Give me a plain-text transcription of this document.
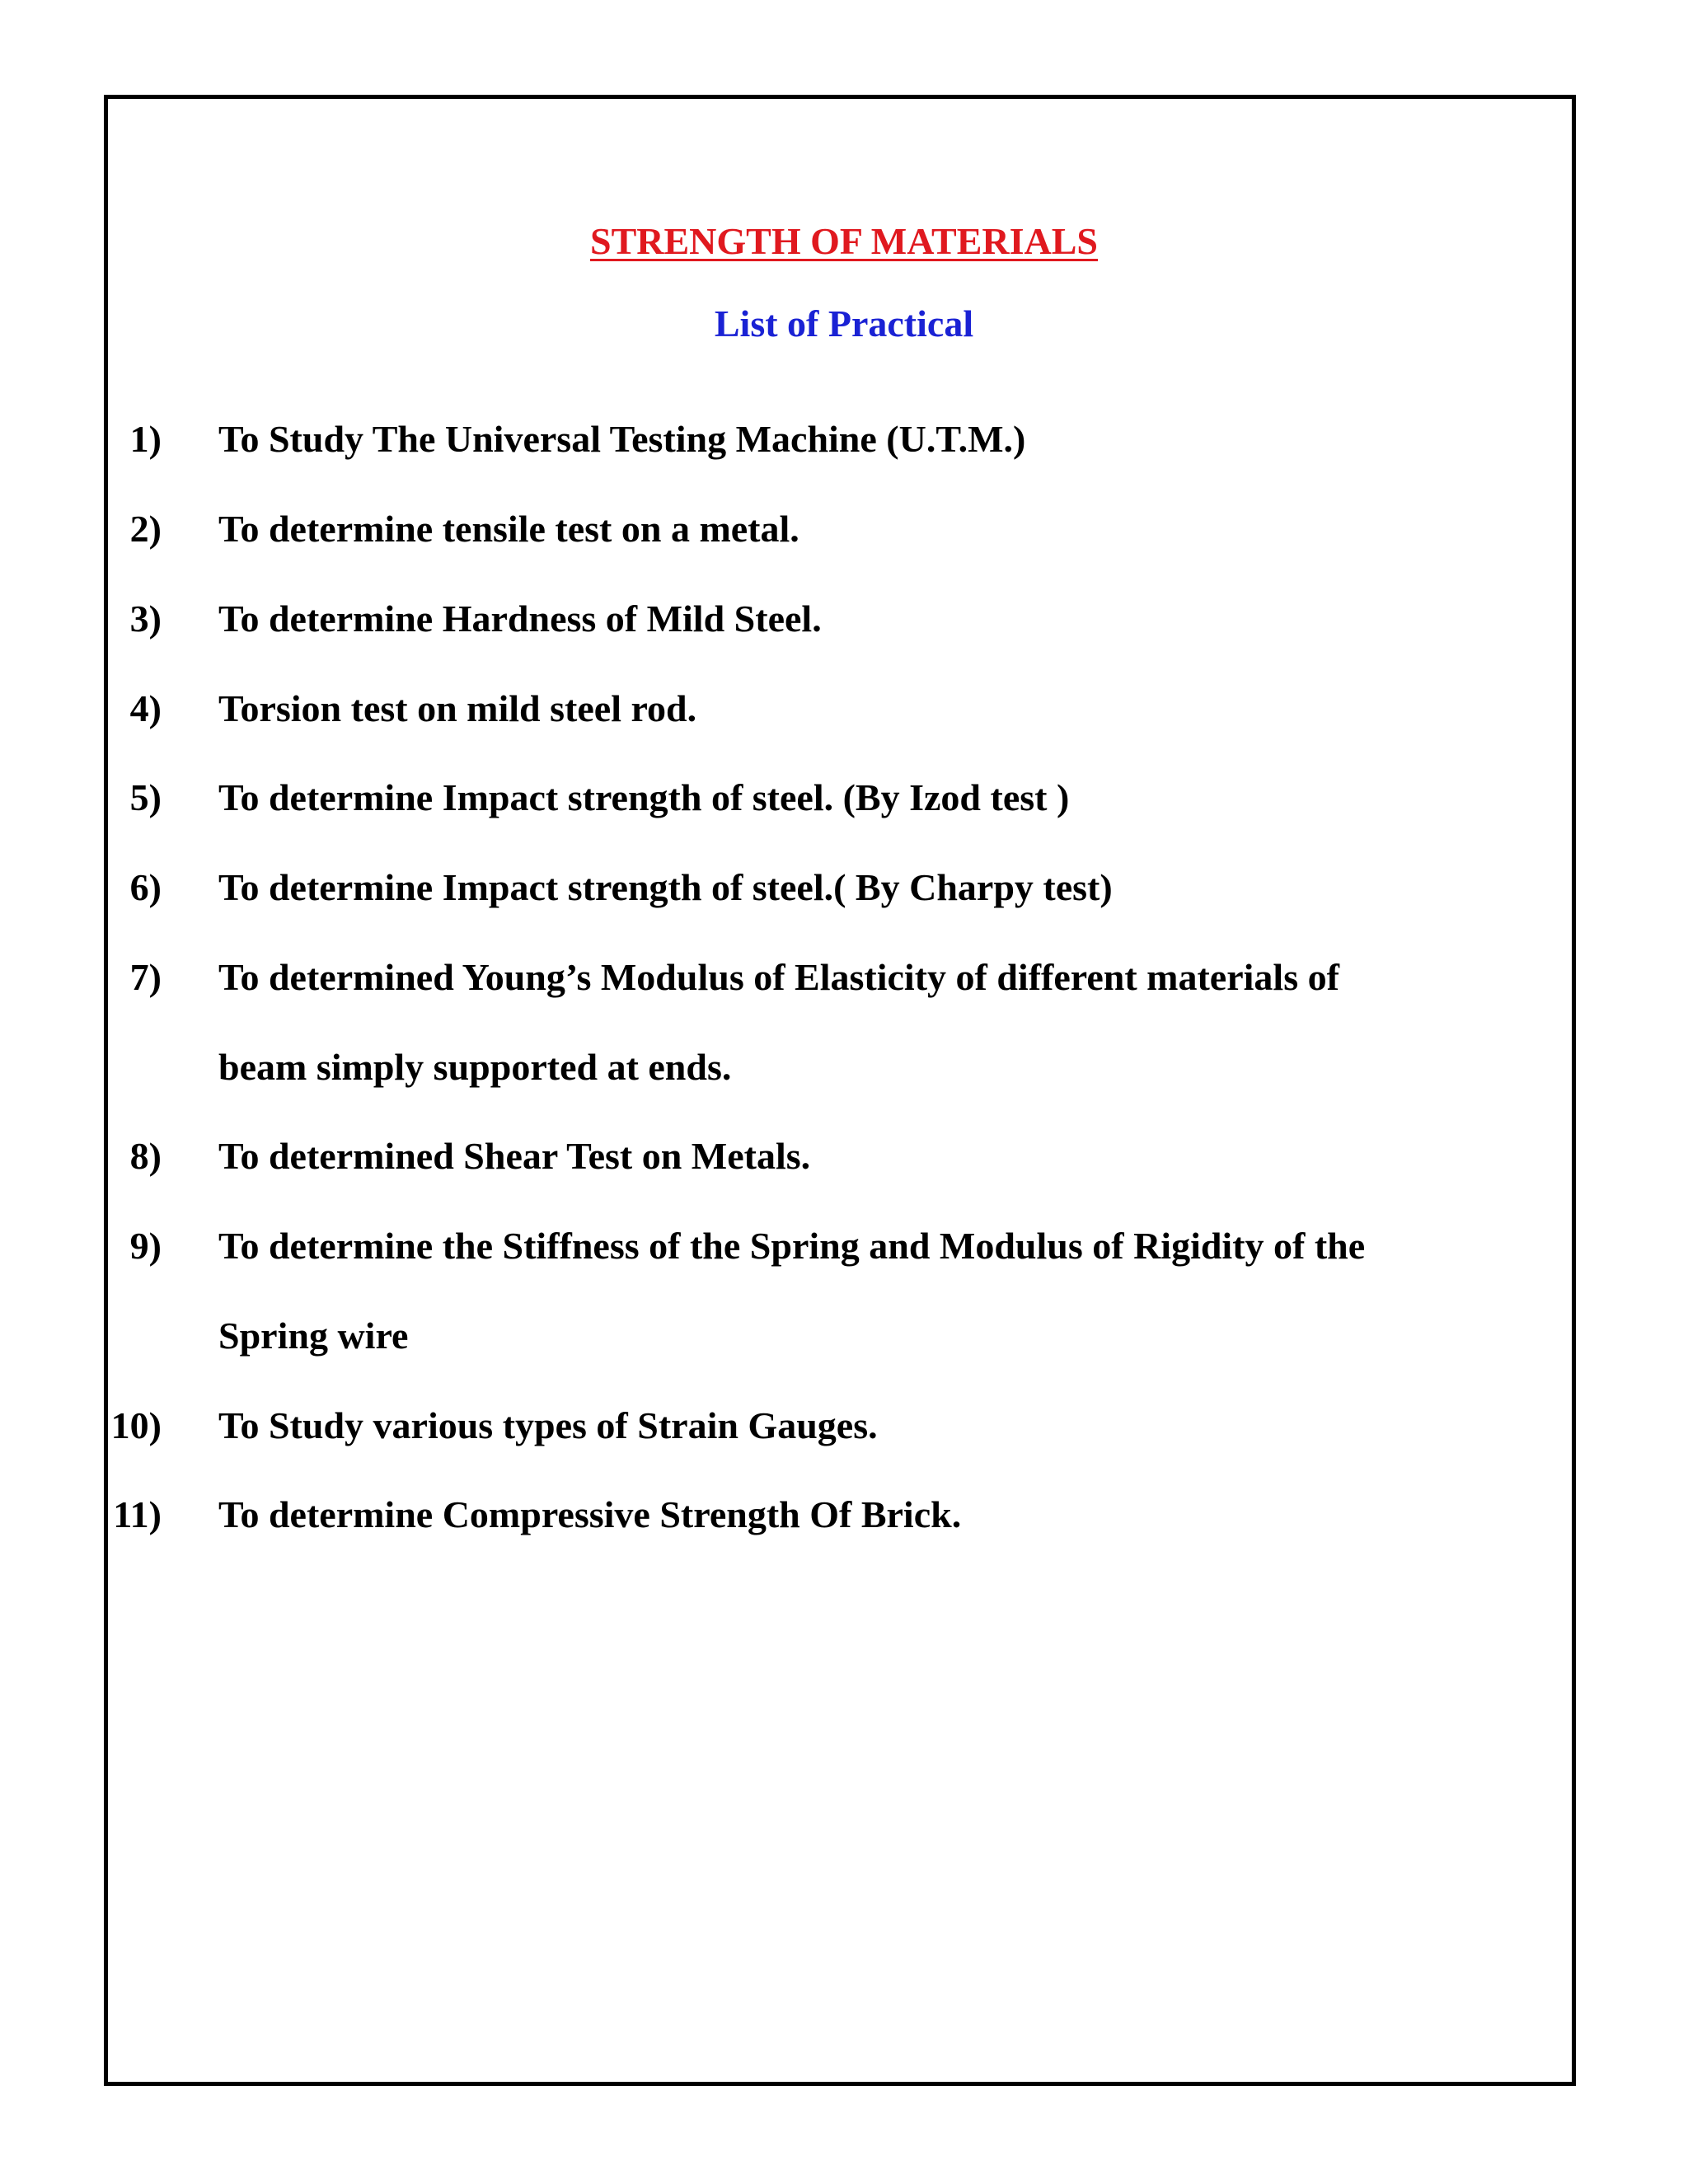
STRENGTH OF MATERIALS
List of Practical
1) To Study The Universal Testing Machine (U.T.M.)
2) To determine tensile test on a metal.
3) To determine Hardness of Mild Steel.
4) Torsion test on mild steel rod.
5) To determine Impact strength of steel. (By Izod test )
6) To determine Impact strength of steel.( By Charpy test)
7) To determined Young’s Modulus of Elasticity of different materials of
beam simply supported at ends.
8) To determined Shear Test on Metals.
9) To determine the Stiffness of the Spring and Modulus of Rigidity of the
Spring wire
10) To Study various types of Strain Gauges.
11) To determine Compressive Strength Of Brick.
